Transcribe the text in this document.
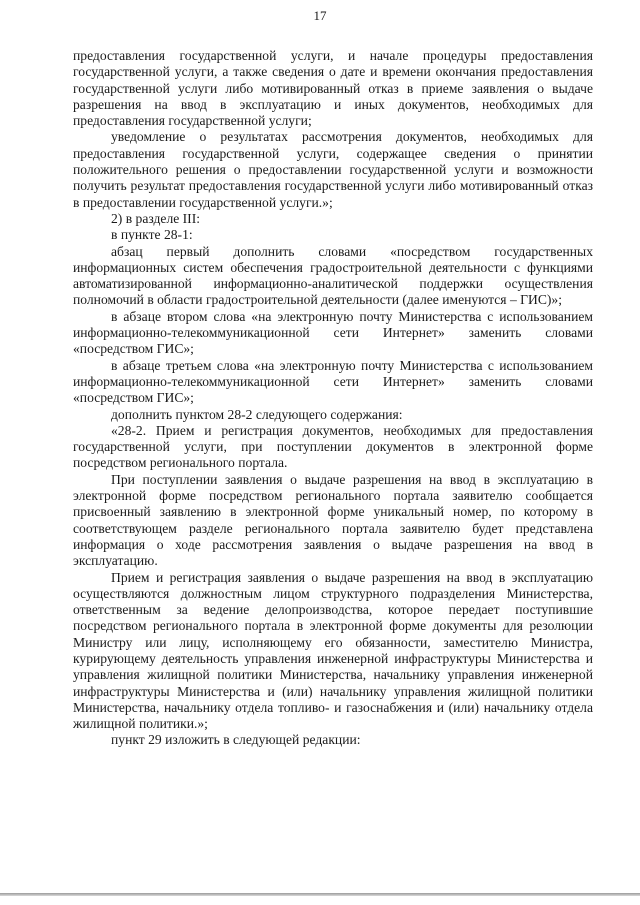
17

предоставления государственной услуги, и начале процедуры предоставления государственной услуги, а также сведения о дате и времени окончания предоставления государственной услуги либо мотивированный отказ в приеме заявления о выдаче разрешения на ввод в эксплуатацию и иных документов, необходимых для предоставления государственной услуги;

уведомление о результатах рассмотрения документов, необходимых для предоставления государственной услуги, содержащее сведения о принятии положительного решения о предоставлении государственной услуги и возможности получить результат предоставления государственной услуги либо мотивированный отказ в предоставлении государственной услуги.»;

2) в разделе III:

в пункте 28-1:

абзац первый дополнить словами «посредством государственных информационных систем обеспечения градостроительной деятельности с функциями автоматизированной информационно-аналитической поддержки осуществления полномочий в области градостроительной деятельности (далее именуются – ГИС)»;

в абзаце втором слова «на электронную почту Министерства с использованием информационно-телекоммуникационной сети Интернет» заменить словами «посредством ГИС»;

в абзаце третьем слова «на электронную почту Министерства с использованием информационно-телекоммуникационной сети Интернет» заменить словами «посредством ГИС»;

дополнить пунктом 28-2 следующего содержания:

«28-2. Прием и регистрация документов, необходимых для предоставления государственной услуги, при поступлении документов в электронной форме посредством регионального портала.

При поступлении заявления о выдаче разрешения на ввод в эксплуатацию в электронной форме посредством регионального портала заявителю сообщается присвоенный заявлению в электронной форме уникальный номер, по которому в соответствующем разделе регионального портала заявителю будет представлена информация о ходе рассмотрения заявления о выдаче разрешения на ввод в эксплуатацию.

Прием и регистрация заявления о выдаче разрешения на ввод в эксплуатацию осуществляются должностным лицом структурного подразделения Министерства, ответственным за ведение делопроизводства, которое передает поступившие посредством регионального портала в электронной форме документы для резолюции Министру или лицу, исполняющему его обязанности, заместителю Министра, курирующему деятельность управления инженерной инфраструктуры Министерства и управления жилищной политики Министерства, начальнику управления инженерной инфраструктуры Министерства и (или) начальнику управления жилищной политики Министерства, начальнику отдела топливо- и газоснабжения и (или) начальнику отдела жилищной политики.»;

пункт 29 изложить в следующей редакции:
